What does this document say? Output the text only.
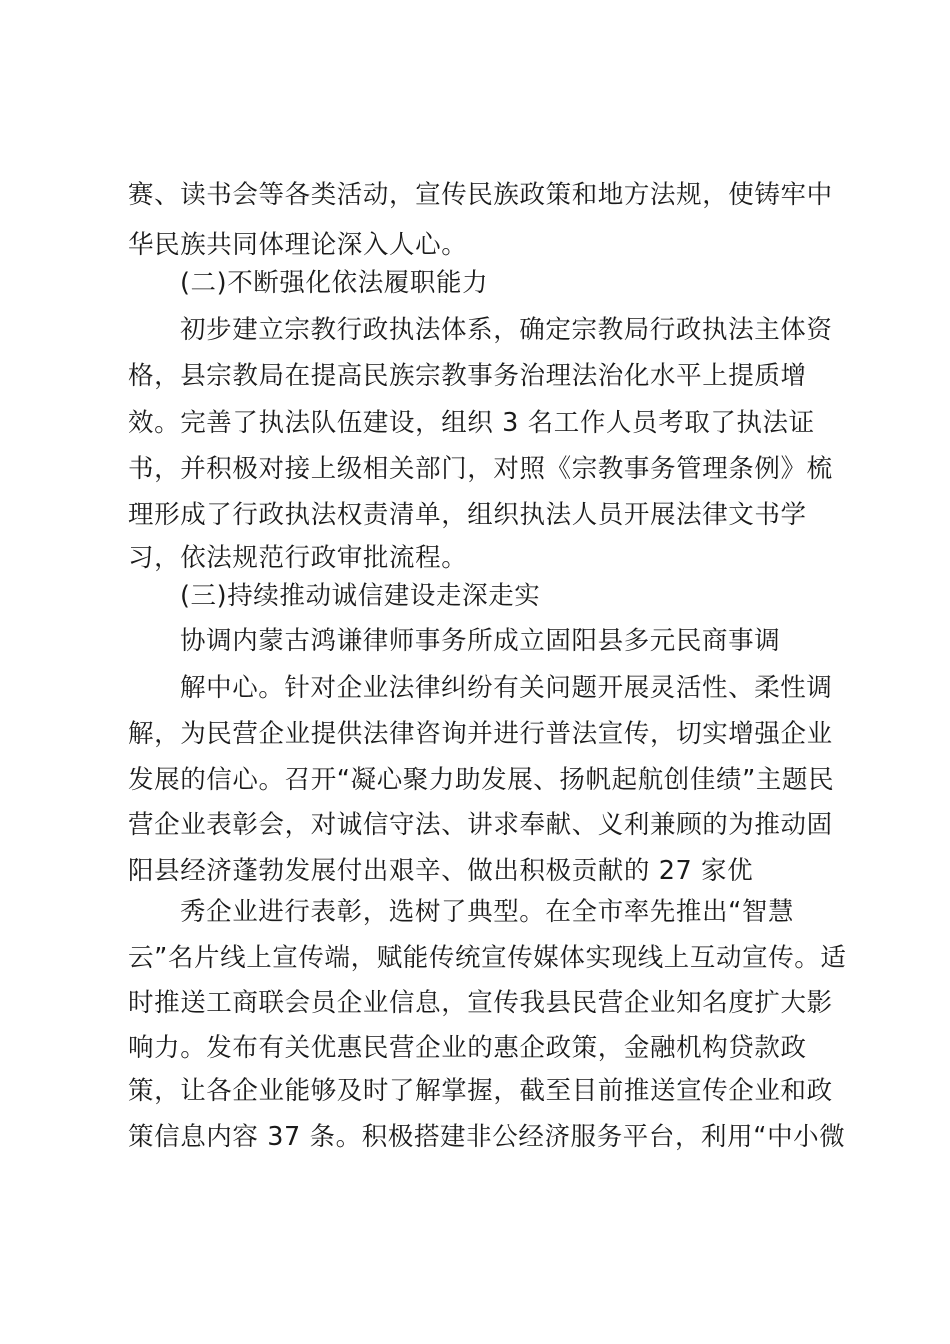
赛、读书会等各类活动，宣传民族政策和地方法规，使铸牢中
华民族共同体理论深入人心。
(二)不断强化依法履职能力
初步建立宗教行政执法体系，确定宗教局行政执法主体资
格，县宗教局在提高民族宗教事务治理法治化水平上提质增
效。完善了执法队伍建设，组织 3 名工作人员考取了执法证
书，并积极对接上级相关部门，对照《宗教事务管理条例》梳
理形成了行政执法权责清单，组织执法人员开展法律文书学
习，依法规范行政审批流程。
(三)持续推动诚信建设走深走实
协调内蒙古鸿谦律师事务所成立固阳县多元民商事调
解中心。针对企业法律纠纷有关问题开展灵活性、柔性调
解，为民营企业提供法律咨询并进行普法宣传，切实增强企业
发展的信心。召开“凝心聚力助发展、扬帆起航创佳绩”主题民
营企业表彰会，对诚信守法、讲求奉献、义利兼顾的为推动固
阳县经济蓬勃发展付出艰辛、做出积极贡献的 27 家优
秀企业进行表彰，选树了典型。在全市率先推出“智慧
云”名片线上宣传端，赋能传统宣传媒体实现线上互动宣传。适
时推送工商联会员企业信息，宣传我县民营企业知名度扩大影
响力。发布有关优惠民营企业的惠企政策，金融机构贷款政
策，让各企业能够及时了解掌握，截至目前推送宣传企业和政
策信息内容 37 条。积极搭建非公经济服务平台，利用“中小微
